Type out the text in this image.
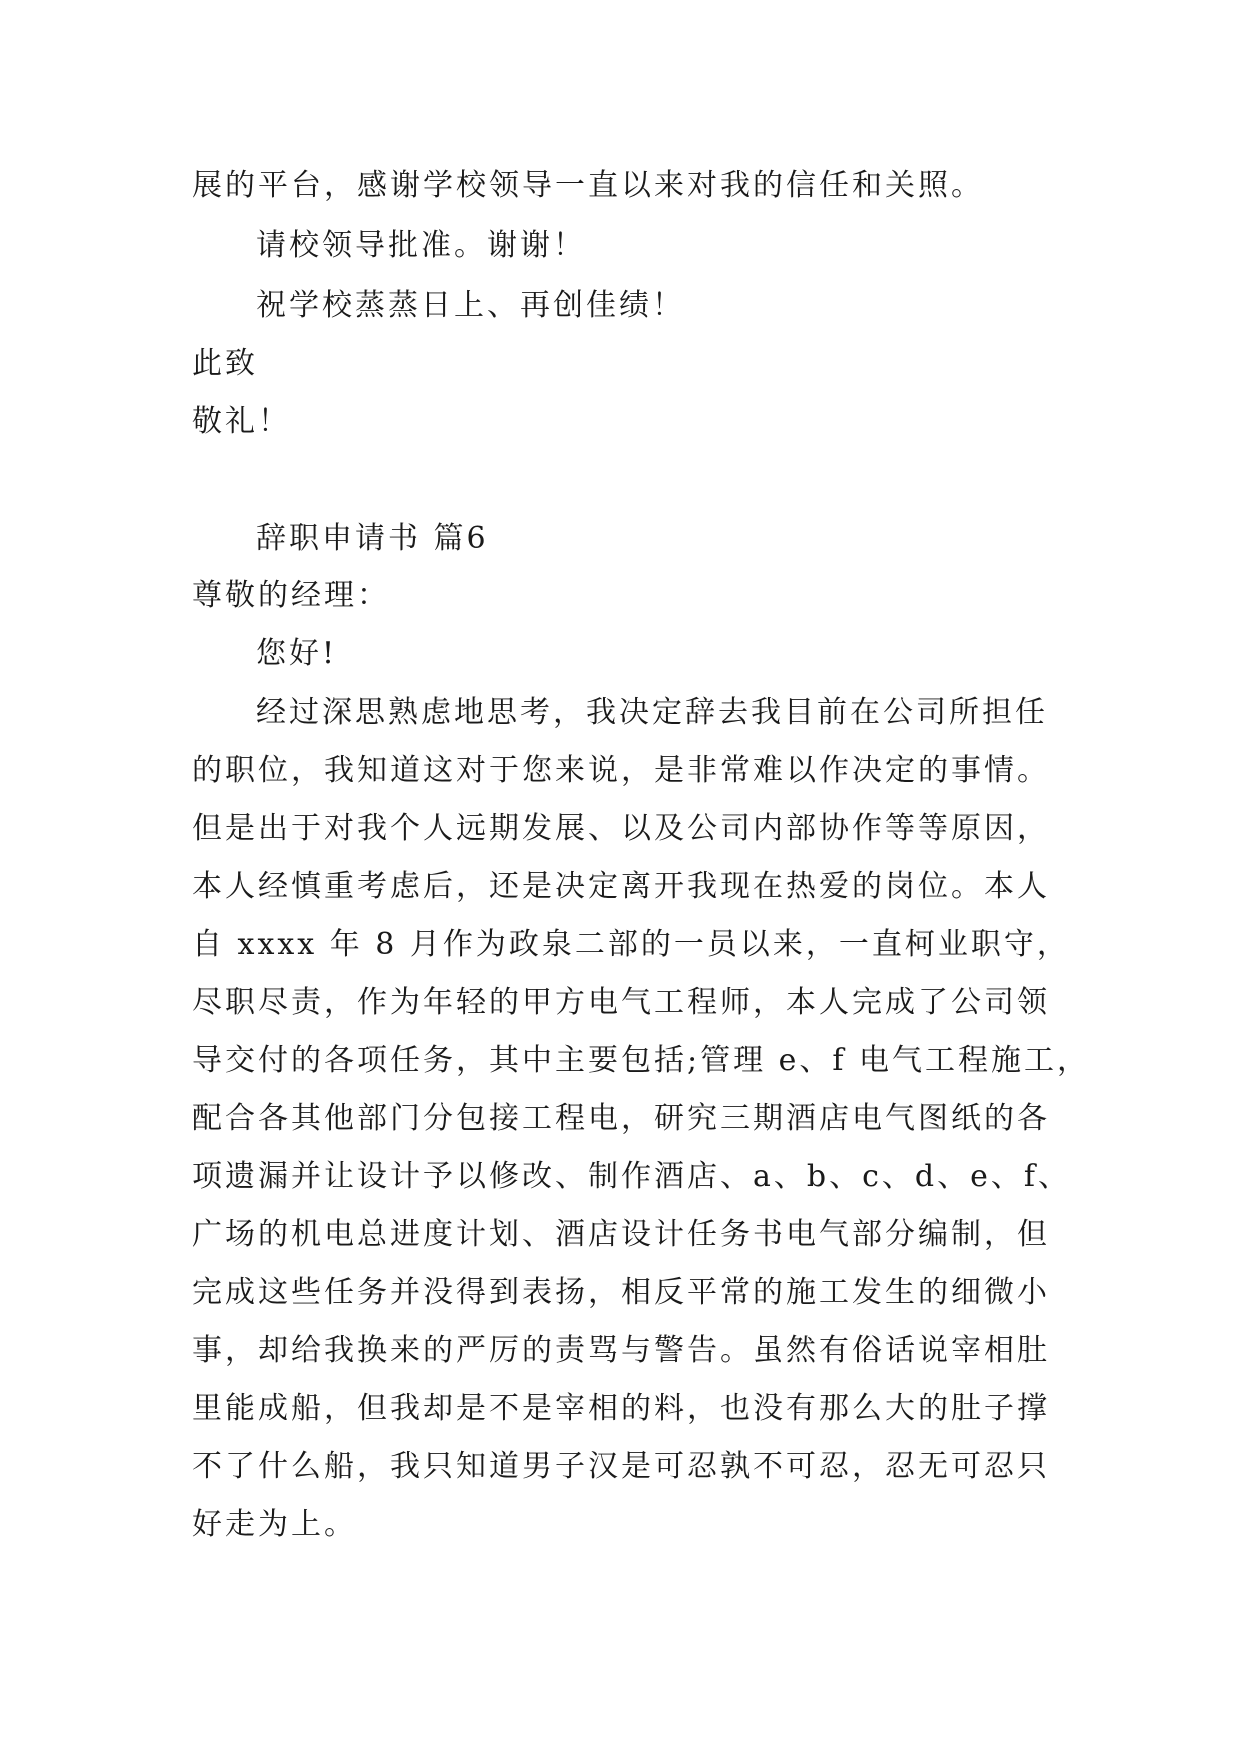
展的平台，感谢学校领导一直以来对我的信任和关照。
请校领导批准。谢谢！
祝学校蒸蒸日上、再创佳绩！
此致
敬礼！
辞职申请书 篇6
尊敬的经理：
您好!
经过深思熟虑地思考，我决定辞去我目前在公司所担任
的职位，我知道这对于您来说，是非常难以作决定的事情。
但是出于对我个人远期发展、以及公司内部协作等等原因，
本人经慎重考虑后，还是决定离开我现在热爱的岗位。本人
自 xxxx 年 8 月作为政泉二部的一员以来，一直柯业职守，
尽职尽责，作为年轻的甲方电气工程师，本人完成了公司领
导交付的各项任务，其中主要包括;管理 e、f 电气工程施工，
配合各其他部门分包接工程电，研究三期酒店电气图纸的各
项遗漏并让设计予以修改、制作酒店、a、b、c、d、e、f、
广场的机电总进度计划、酒店设计任务书电气部分编制，但
完成这些任务并没得到表扬，相反平常的施工发生的细微小
事，却给我换来的严厉的责骂与警告。虽然有俗话说宰相肚
里能成船，但我却是不是宰相的料，也没有那么大的肚子撑
不了什么船，我只知道男子汉是可忍孰不可忍，忍无可忍只
好走为上。
